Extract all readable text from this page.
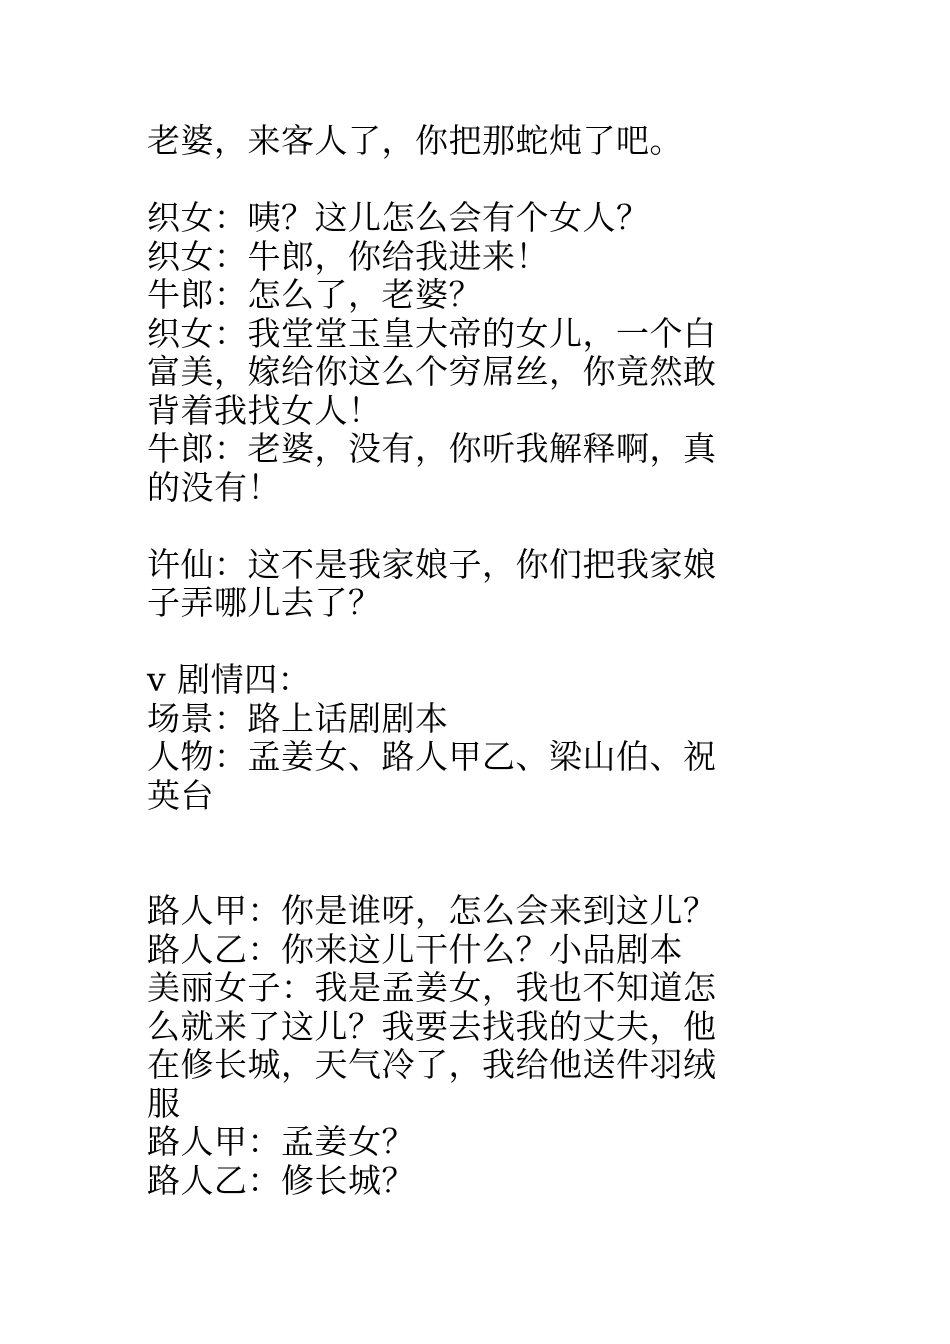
老婆，来客人了，你把那蛇炖了吧。
织女：咦？这儿怎么会有个女人？
织女：牛郎，你给我进来！
牛郎：怎么了，老婆？
织女：我堂堂玉皇大帝的女儿，一个白
富美，嫁给你这么个穷屌丝，你竟然敢
背着我找女人！
牛郎：老婆，没有，你听我解释啊，真
的没有！
许仙：这不是我家娘子，你们把我家娘
子弄哪儿去了？
v 剧情四：
场景：路上话剧剧本
人物：孟姜女、路人甲乙、梁山伯、祝
英台
路人甲：你是谁呀，怎么会来到这儿？
路人乙：你来这儿干什么？小品剧本
美丽女子：我是孟姜女，我也不知道怎
么就来了这儿？我要去找我的丈夫，他
在修长城，天气冷了，我给他送件羽绒
服
路人甲：孟姜女？
路人乙：修长城？
